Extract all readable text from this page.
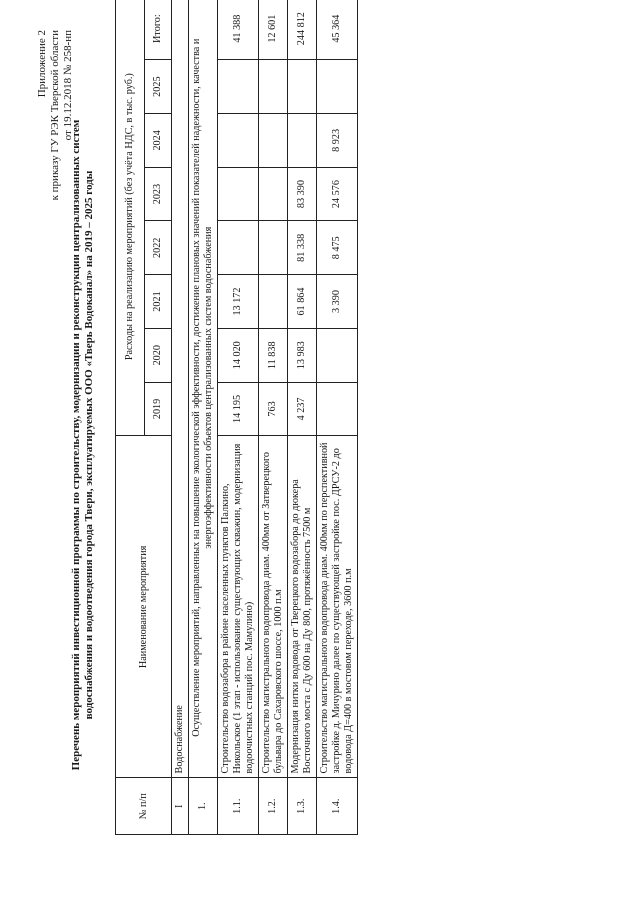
Приложение 2 к приказу ГУ РЭК Тверской области от 19.12.2018 № 258-нп
Перечень мероприятий инвестиционной программы по строительству, модернизации и реконструкции централизованных систем водоснабжения и водоотведения города Твери, эксплуатируемых ООО «Тверь Водоканал» на 2019 – 2025 годы
№ п/п	Наименование мероприятия	Расходы на реализацию мероприятий (без учёта НДС, в тыс. руб.)							
		2019	2020	2021	2022	2023	2024	2025	Итого:
I	Водоснабжение								
1.	Осуществление мероприятий, направленных на повышение экологической эффективности, достижение плановых значений показателей надежности, качества и энергоэффективности объектов централизованных систем водоснабжения								
1.1.	Строительство водозабора в районе населенных пунктов Палкино, Никольское (1 этап - использование существующих скважин, модернизация водоочистных станций пос. Мамулино)	14 195	14 020	13 172					41 388
1.2.	Строительство магистрального водопровода диам. 400мм от Затверецкого бульвара до Сахаровского шоссе, 1000 п.м	763	11 838						12 601
1.3.	Модернизация нитки водовода от Тверецкого водозабора до дюкера Восточного моста с Ду 600 на Ду 800, протяжённость 7500 м	4 237	13 983	61 864	81 338	83 390			244 812
1.4.	Строительство магистрального водопровода диам. 400мм по перспективной застройке д. Мичурино далее по существующей застройке пос. ДРСУ-2 до водовода Д=400 в мостовом переходе, 3600 п.м			3 390	8 475	24 576	8 923		45 364
